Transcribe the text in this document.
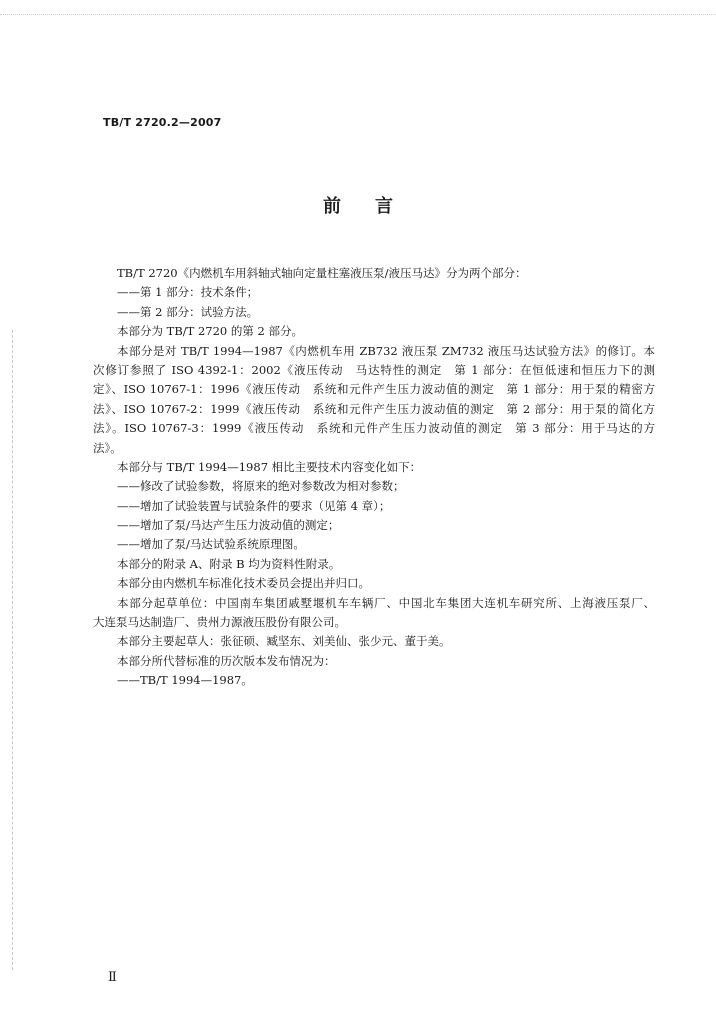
TB/T 2720.2—2007
前言
TB/T 2720《内燃机车用斜轴式轴向定量柱塞液压泵/液压马达》分为两个部分：
——第 1 部分：技术条件；
——第 2 部分：试验方法。
本部分为 TB/T 2720 的第 2 部分。
本部分是对 TB/T 1994—1987《内燃机车用 ZB732 液压泵 ZM732 液压马达试验方法》的修订。本
次修订参照了 ISO 4392-1：2002《液压传动　马达特性的测定　第 1 部分：在恒低速和恒压力下的测
定》、ISO 10767-1：1996《液压传动　系统和元件产生压力波动值的测定　第 1 部分：用于泵的精密方
法》、ISO 10767-2：1999《液压传动　系统和元件产生压力波动值的测定　第 2 部分：用于泵的简化方
法》。ISO 10767-3：1999《液压传动　系统和元件产生压力波动值的测定　第 3 部分：用于马达的方
法》。
本部分与 TB/T 1994—1987 相比主要技术内容变化如下：
——修改了试验参数，将原来的绝对参数改为相对参数；
——增加了试验装置与试验条件的要求（见第 4 章）；
——增加了泵/马达产生压力波动值的测定；
——增加了泵/马达试验系统原理图。
本部分的附录 A、附录 B 均为资料性附录。
本部分由内燃机车标准化技术委员会提出并归口。
本部分起草单位：中国南车集团戚墅堰机车车辆厂、中国北车集团大连机车研究所、上海液压泵厂、
大连泵马达制造厂、贵州力源液压股份有限公司。
本部分主要起草人：张征硕、臧坚东、刘美仙、张少元、董于美。
本部分所代替标准的历次版本发布情况为：
——TB/T 1994—1987。
Ⅱ
